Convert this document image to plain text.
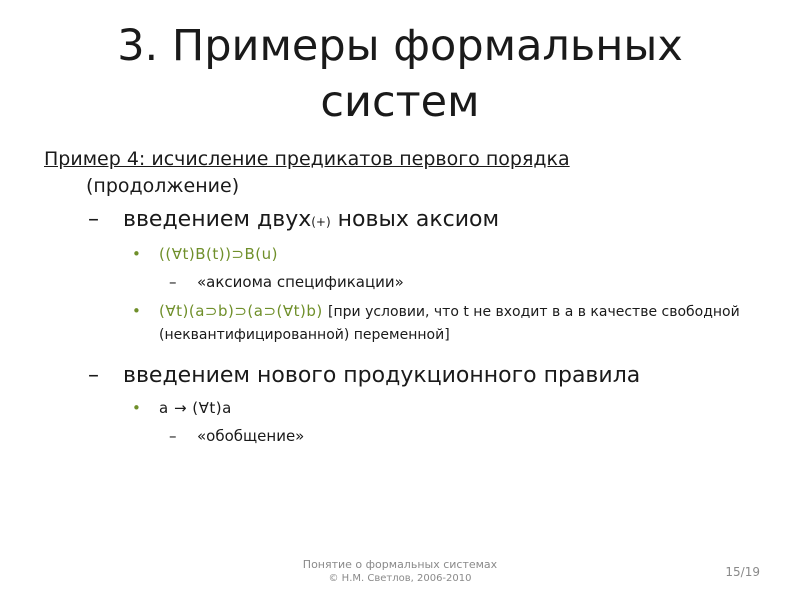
3. Примеры формальных
систем

Пример 4: исчисление предикатов первого порядка
(продолжение)

– введением двух(+) новых аксиом
• ((∀t)B(t))⊃B(u)
– «аксиома спецификации»
• (∀t)(a⊃b)⊃(a⊃(∀t)b) [при условии, что t не входит в a в качестве свободной (неквантифицированной) переменной]
– введением нового продукционного правила
• a → (∀t)a
– «обобщение»
Понятие о формальных системах
© Н.М. Светлов, 2006-2010	15/19
